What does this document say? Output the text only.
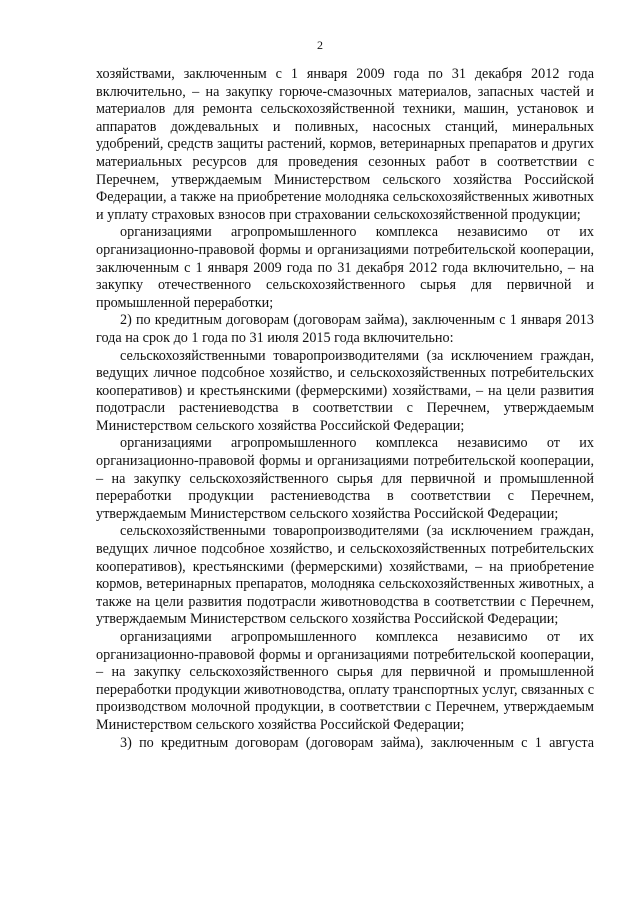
2

хозяйствами, заключенным с 1 января 2009 года по 31 декабря 2012 года включительно, – на закупку горюче-смазочных материалов, запасных частей и материалов для ремонта сельскохозяйственной техники, машин, установок и аппаратов дождевальных и поливных, насосных станций, минеральных удобрений, средств защиты растений, кормов, ветеринарных препаратов и других материальных ресурсов для проведения сезонных работ в соответствии с Перечнем, утверждаемым Министерством сельского хозяйства Российской Федерации, а также на приобретение молодняка сельскохозяйственных животных и уплату страховых взносов при страховании сельскохозяйственной продукции;

организациями агропромышленного комплекса независимо от их организационно-правовой формы и организациями потребительской кооперации, заключенным с 1 января 2009 года по 31 декабря 2012 года включительно, – на закупку отечественного сельскохозяйственного сырья для первичной и промышленной переработки;

2) по кредитным договорам (договорам займа), заключенным с 1 января 2013 года на срок до 1 года по 31 июля 2015 года включительно:

сельскохозяйственными товаропроизводителями (за исключением граждан, ведущих личное подсобное хозяйство, и сельскохозяйственных потребительских кооперативов) и крестьянскими (фермерскими) хозяйствами, – на цели развития подотрасли растениеводства в соответствии с Перечнем, утверждаемым Министерством сельского хозяйства Российской Федерации;

организациями агропромышленного комплекса независимо от их организационно-правовой формы и организациями потребительской кооперации, – на закупку сельскохозяйственного сырья для первичной и промышленной переработки продукции растениеводства в соответствии с Перечнем, утверждаемым Министерством сельского хозяйства Российской Федерации;

сельскохозяйственными товаропроизводителями (за исключением граждан, ведущих личное подсобное хозяйство, и сельскохозяйственных потребительских кооперативов), крестьянскими (фермерскими) хозяйствами, – на приобретение кормов, ветеринарных препаратов, молодняка сельскохозяйственных животных, а также на цели развития подотрасли животноводства в соответствии с Перечнем, утверждаемым Министерством сельского хозяйства Российской Федерации;

организациями агропромышленного комплекса независимо от их организационно-правовой формы и организациями потребительской кооперации, – на закупку сельскохозяйственного сырья для первичной и промышленной переработки продукции животноводства, оплату транспортных услуг, связанных с производством молочной продукции, в соответствии с Перечнем, утверждаемым Министерством сельского хозяйства Российской Федерации;

3) по кредитным договорам (договорам займа), заключенным с 1 августа
